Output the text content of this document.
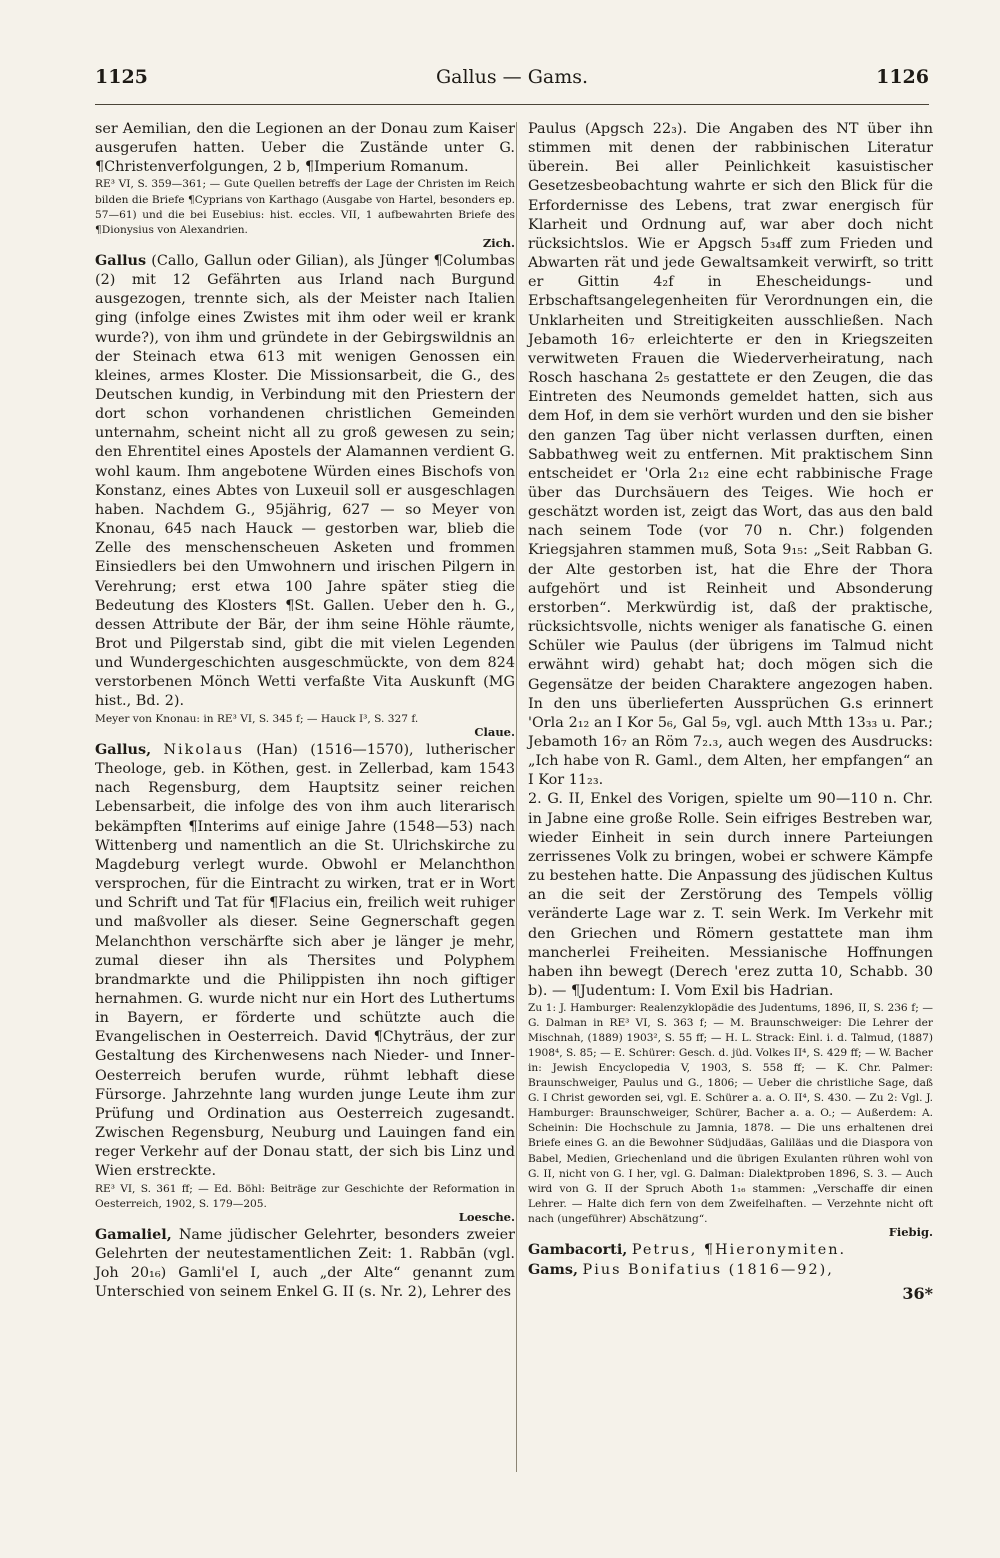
1125	Gallus — Gams.	1126

ser Aemilian, den die Legionen an der Donau zum Kaiser ausgerufen hatten. Ueber die Zustände unter G. ¶Christenverfolgungen, 2 b, ¶Imperium Romanum.

RE³ VI, S. 359—361; — Gute Quellen betreffs der Lage der Christen im Reich bilden die Briefe ¶Cyprians von Karthago (Ausgabe von Hartel, besonders ep. 57—61) und die bei Eusebius: hist. eccles. VII, 1 aufbewahrten Briefe des ¶Dionysius von Alexandrien.

Zich.

Gallus (Callo, Gallun oder Gilian), als Jünger ¶Columbas (2) mit 12 Gefährten aus Irland nach Burgund ausgezogen, trennte sich, als der Meister nach Italien ging (infolge eines Zwistes mit ihm oder weil er krank wurde?), von ihm und gründete in der Gebirgswildnis an der Steinach etwa 613 mit wenigen Genossen ein kleines, armes Kloster. Die Missionsarbeit, die G., des Deutschen kundig, in Verbindung mit den Priestern der dort schon vorhandenen christlichen Gemeinden unternahm, scheint nicht all zu groß gewesen zu sein; den Ehrentitel eines Apostels der Alamannen verdient G. wohl kaum. Ihm angebotene Würden eines Bischofs von Konstanz, eines Abtes von Luxeuil soll er ausgeschlagen haben. Nachdem G., 95jährig, 627 — so Meyer von Knonau, 645 nach Hauck — gestorben war, blieb die Zelle des menschenscheuen Asketen und frommen Einsiedlers bei den Umwohnern und irischen Pilgern in Verehrung; erst etwa 100 Jahre später stieg die Bedeutung des Klosters ¶St. Gallen. Ueber den h. G., dessen Attribute der Bär, der ihm seine Höhle räumte, Brot und Pilgerstab sind, gibt die mit vielen Legenden und Wundergeschichten ausgeschmückte, von dem 824 verstorbenen Mönch Wetti verfaßte Vita Auskunft (MG hist., Bd. 2).

Meyer von Knonau: in RE³ VI, S. 345 f; — Hauck I³, S. 327 f.

Claue.

Gallus, Nikolaus (Han) (1516—1570), lutherischer Theologe, geb. in Köthen, gest. in Zellerbad, kam 1543 nach Regensburg, dem Hauptsitz seiner reichen Lebensarbeit, die infolge des von ihm auch literarisch bekämpften ¶Interims auf einige Jahre (1548—53) nach Wittenberg und namentlich an die St. Ulrichskirche zu Magdeburg verlegt wurde. Obwohl er Melanchthon versprochen, für die Eintracht zu wirken, trat er in Wort und Schrift und Tat für ¶Flacius ein, freilich weit ruhiger und maßvoller als dieser. Seine Gegnerschaft gegen Melanchthon verschärfte sich aber je länger je mehr, zumal dieser ihn als Thersites und Polyphem brandmarkte und die Philippisten ihn noch giftiger hernahmen. G. wurde nicht nur ein Hort des Luthertums in Bayern, er förderte und schützte auch die Evangelischen in Oesterreich. David ¶Chyträus, der zur Gestaltung des Kirchenwesens nach Nieder- und Inner-Oesterreich berufen wurde, rühmt lebhaft diese Fürsorge. Jahrzehnte lang wurden junge Leute ihm zur Prüfung und Ordination aus Oesterreich zugesandt. Zwischen Regensburg, Neuburg und Lauingen fand ein reger Verkehr auf der Donau statt, der sich bis Linz und Wien erstreckte.

RE³ VI, S. 361 ff; — Ed. Böhl: Beiträge zur Geschichte der Reformation in Oesterreich, 1902, S. 179—205.

Loesche.

Gamaliel, Name jüdischer Gelehrter, besonders zweier Gelehrten der neutestamentlichen Zeit: 1. Rabbān (vgl. Joh 20₁₆) Gamli'el I, auch „der Alte“ genannt zum Unterschied von seinem Enkel G. II (s. Nr. 2), Lehrer des

Paulus (Apgsch 22₃). Die Angaben des NT über ihn stimmen mit denen der rabbinischen Literatur überein. Bei aller Peinlichkeit kasuistischer Gesetzesbeobachtung wahrte er sich den Blick für die Erfordernisse des Lebens, trat zwar energisch für Klarheit und Ordnung auf, war aber doch nicht rücksichtslos. Wie er Apgsch 5₃₄ff zum Frieden und Abwarten rät und jede Gewaltsamkeit verwirft, so tritt er Gittin 4₂f in Ehescheidungs- und Erbschaftsangelegenheiten für Verordnungen ein, die Unklarheiten und Streitigkeiten ausschließen. Nach Jebamoth 16₇ erleichterte er den in Kriegszeiten verwitweten Frauen die Wiederverheiratung, nach Rosch haschana 2₅ gestattete er den Zeugen, die das Eintreten des Neumonds gemeldet hatten, sich aus dem Hof, in dem sie verhört wurden und den sie bisher den ganzen Tag über nicht verlassen durften, einen Sabbathweg weit zu entfernen. Mit praktischem Sinn entscheidet er 'Orla 2₁₂ eine echt rabbinische Frage über das Durchsäuern des Teiges. Wie hoch er geschätzt worden ist, zeigt das Wort, das aus den bald nach seinem Tode (vor 70 n. Chr.) folgenden Kriegsjahren stammen muß, Sota 9₁₅: „Seit Rabban G. der Alte gestorben ist, hat die Ehre der Thora aufgehört und ist Reinheit und Absonderung erstorben“. Merkwürdig ist, daß der praktische, rücksichtsvolle, nichts weniger als fanatische G. einen Schüler wie Paulus (der übrigens im Talmud nicht erwähnt wird) gehabt hat; doch mögen sich die Gegensätze der beiden Charaktere angezogen haben. In den uns überlieferten Aussprüchen G.s erinnert 'Orla 2₁₂ an I Kor 5₆, Gal 5₉, vgl. auch Mtth 13₃₃ u. Par.; Jebamoth 16₇ an Röm 7₂.₃, auch wegen des Ausdrucks: „Ich habe von R. Gaml., dem Alten, her empfangen“ an I Kor 11₂₃.

2. G. II, Enkel des Vorigen, spielte um 90—110 n. Chr. in Jabne eine große Rolle. Sein eifriges Bestreben war, wieder Einheit in sein durch innere Parteiungen zerrissenes Volk zu bringen, wobei er schwere Kämpfe zu bestehen hatte. Die Anpassung des jüdischen Kultus an die seit der Zerstörung des Tempels völlig veränderte Lage war z. T. sein Werk. Im Verkehr mit den Griechen und Römern gestattete man ihm mancherlei Freiheiten. Messianische Hoffnungen haben ihn bewegt (Derech 'erez zutta 10, Schabb. 30 b). — ¶Judentum: I. Vom Exil bis Hadrian.

Zu 1: J. Hamburger: Realenzyklopädie des Judentums, 1896, II, S. 236 f; — G. Dalman in RE³ VI, S. 363 f; — M. Braunschweiger: Die Lehrer der Mischnah, (1889) 1903², S. 55 ff; — H. L. Strack: Einl. i. d. Talmud, (1887) 1908⁴, S. 85; — E. Schürer: Gesch. d. jüd. Volkes II⁴, S. 429 ff; — W. Bacher in: Jewish Encyclopedia V, 1903, S. 558 ff; — K. Chr. Palmer: Braunschweiger, Paulus und G., 1806; — Ueber die christliche Sage, daß G. I Christ geworden sei, vgl. E. Schürer a. a. O. II⁴, S. 430. — Zu 2: Vgl. J. Hamburger: Braunschweiger, Schürer, Bacher a. a. O.; — Außerdem: A. Scheinin: Die Hochschule zu Jamnia, 1878. — Die uns erhaltenen drei Briefe eines G. an die Bewohner Südjudäas, Galiläas und die Diaspora von Babel, Medien, Griechenland und die übrigen Exulanten rühren wohl von G. II, nicht von G. I her, vgl. G. Dalman: Dialektproben 1896, S. 3. — Auch wird von G. II der Spruch Aboth 1₁₆ stammen: „Verschaffe dir einen Lehrer. — Halte dich fern von dem Zweifelhaften. — Verzehnte nicht oft nach (ungeführer) Abschätzung“.

Fiebig.

Gambacorti, Petrus, ¶Hieronymiten.

Gams, Pius Bonifatius (1816—92),

36*
